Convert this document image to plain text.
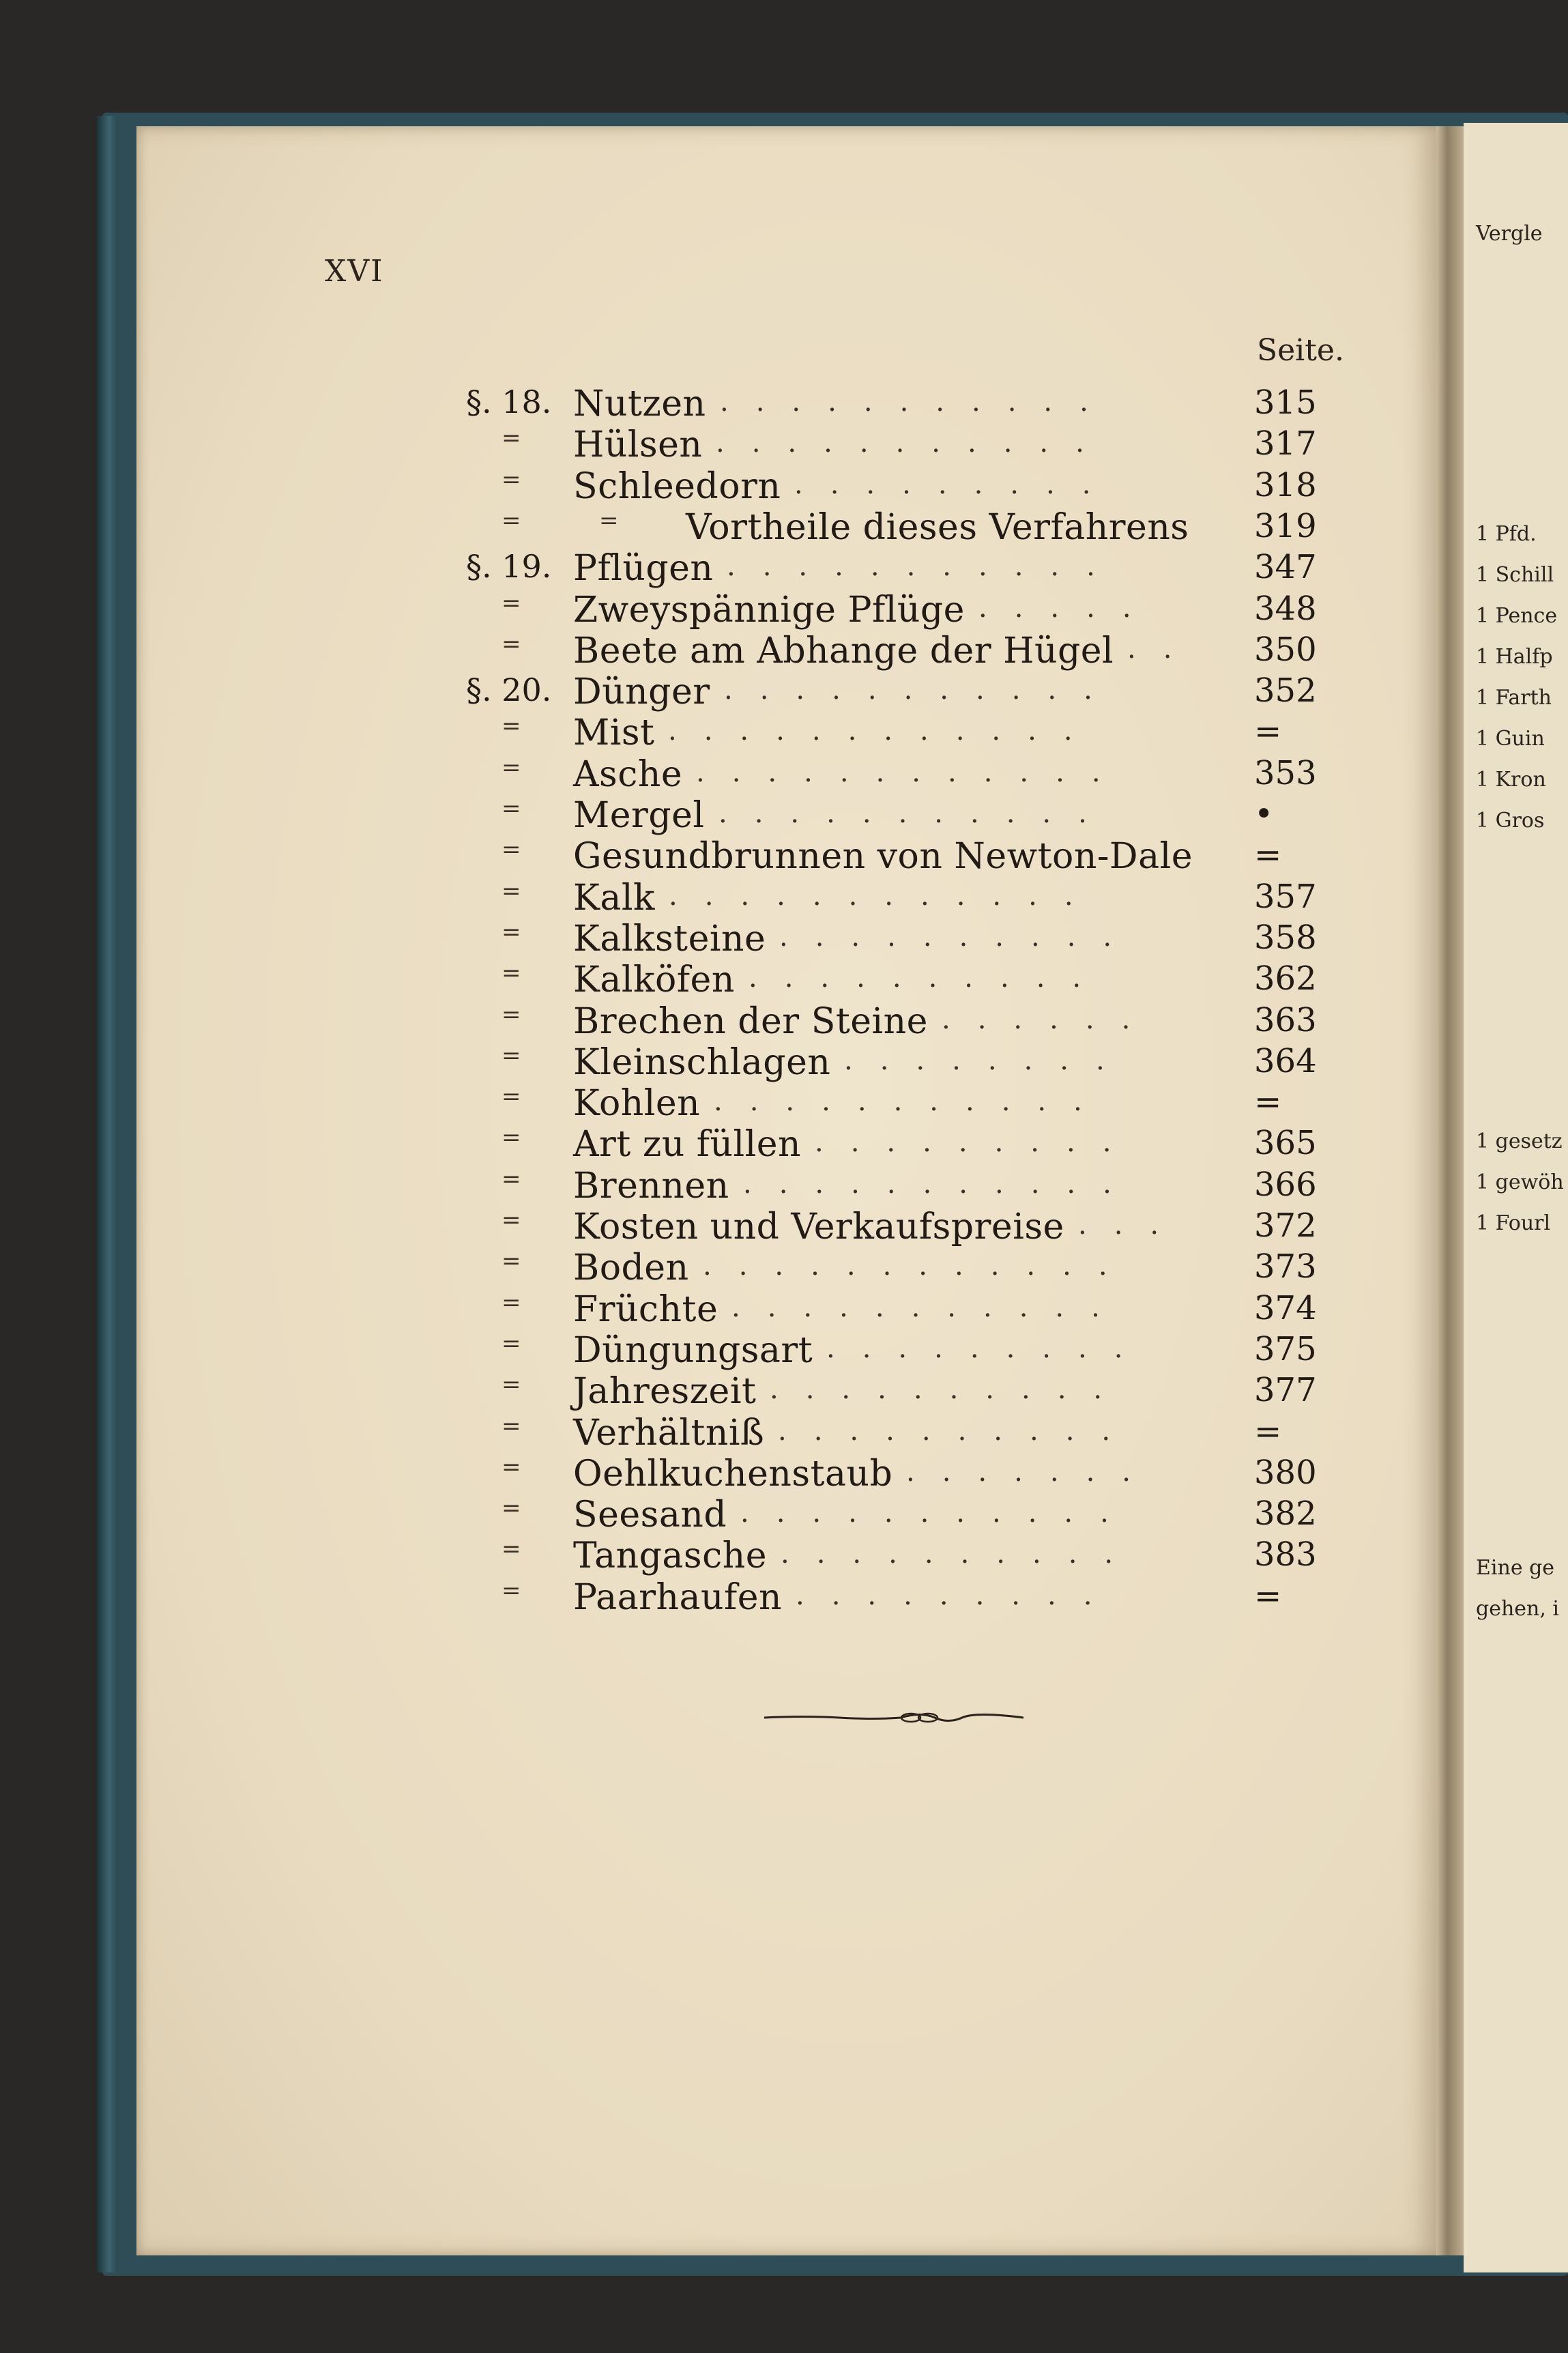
Vergle
1 Pfd.
1 Schill
1 Pence
1 Halfp
1 Farth
1 Guin
1 Kron
1 Gros
1 gesetz
1 gewöh
1 Fourl
Eine ge
gehen, i
XVI
Seite.
§. 18. Nutzen	315
...........
= Hülsen	317
...........
= Schleedorn	318
.........
=	= Vortheile dieses Verfahrens 319
§. 19. Pflügen	347
...........
= Zweyspännige Pflüge	348
.....
= Beete am Abhange der Hügel	350
..
§. 20. Dünger	352
...........
= Mist	=
............
= Asche	353
............
= Mergel	•
...........
= Gesundbrunnen von Newton-Dale =
= Kalk	357
............
= Kalksteine	358
..........
= Kalköfen	362
..........
= Brechen der Steine	363
......
= Kleinschlagen	364
........
= Kohlen	=
...........
= Art zu füllen	365
.........
= Brennen	366
...........
= Kosten und Verkaufspreise	372
...
= Boden	373
............
= Früchte	374
...........
= Düngungsart	375
.........
= Jahreszeit	377
..........
= Verhältniß	=
..........
= Oehlkuchenstaub	380
.......
= Seesand	382
...........
= Tangasche	383
..........
= Paarhaufen	=
.........
